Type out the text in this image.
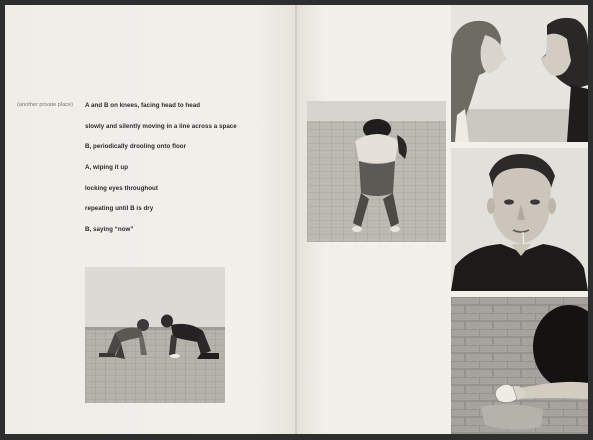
(another private place) A and B on knees, facing head to head
slowly and silently moving in a line across a space
B, periodically drooling onto floor
A, wiping it up
locking eyes throughout
repeating until B is dry
B, saying “now”
